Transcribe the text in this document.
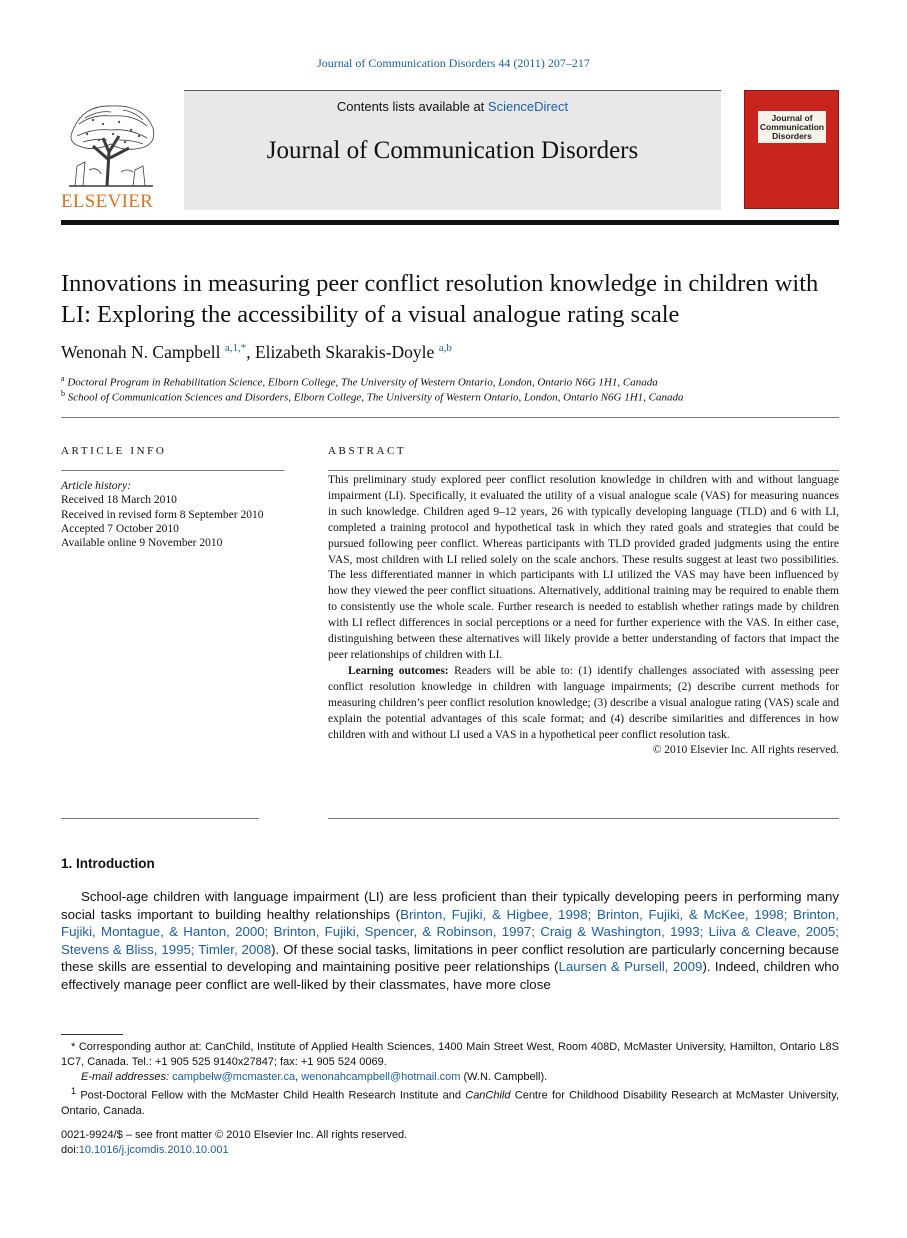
Journal of Communication Disorders 44 (2011) 207–217
ELSEVIER
Contents lists available at ScienceDirect
Journal of Communication Disorders
Journal of Communication Disorders
Innovations in measuring peer conflict resolution knowledge in children with LI: Exploring the accessibility of a visual analogue rating scale
Wenonah N. Campbell $^{a,1,*}$, Elizabeth Skarakis-Doyle $^{a,b}$
$^a$ Doctoral Program in Rehabilitation Science, Elborn College, The University of Western Ontario, London, Ontario N6G 1H1, Canada
$^b$ School of Communication Sciences and Disorders, Elborn College, The University of Western Ontario, London, Ontario N6G 1H1, Canada
ARTICLE INFO
Article history:
Received 18 March 2010
Received in revised form 8 September 2010
Accepted 7 October 2010
Available online 9 November 2010
ABSTRACT

This preliminary study explored peer conflict resolution knowledge in children with and without language impairment (LI). Specifically, it evaluated the utility of a visual analogue scale (VAS) for measuring nuances in such knowledge. Children aged 9–12 years, 26 with typically developing language (TLD) and 6 with LI, completed a training protocol and hypothetical task in which they rated goals and strategies that could be pursued following peer conflict. Whereas participants with TLD provided graded judgments using the entire VAS, most children with LI relied solely on the scale anchors. These results suggest at least two possibilities. The less differentiated manner in which participants with LI utilized the VAS may have been influenced by how they viewed the peer conflict situations. Alternatively, additional training may be required to enable them to consistently use the whole scale. Further research is needed to establish whether ratings made by children with LI reflect differences in social perceptions or a need for further experience with the VAS. In either case, distinguishing between these alternatives will likely provide a better understanding of factors that impact the peer relationships of children with LI.

Learning outcomes: Readers will be able to: (1) identify challenges associated with assessing peer conflict resolution knowledge in children with language impairments; (2) describe current methods for measuring children’s peer conflict resolution knowledge; (3) describe a visual analogue rating (VAS) scale and explain the potential advantages of this scale format; and (4) describe similarities and differences in how children with and without LI used a VAS in a hypothetical peer conflict resolution task.

© 2010 Elsevier Inc. All rights reserved.

1. Introduction
School-age children with language impairment (LI) are less proficient than their typically developing peers in performing many social tasks important to building healthy relationships (Brinton, Fujiki, & Higbee, 1998; Brinton, Fujiki, & McKee, 1998; Brinton, Fujiki, Montague, & Hanton, 2000; Brinton, Fujiki, Spencer, & Robinson, 1997; Craig & Washington, 1993; Liiva & Cleave, 2005; Stevens & Bliss, 1995; Timler, 2008). Of these social tasks, limitations in peer conflict resolution are particularly concerning because these skills are essential to developing and maintaining positive peer relationships (Laursen & Pursell, 2009). Indeed, children who effectively manage peer conflict are well-liked by their classmates, have more close
* Corresponding author at: CanChild, Institute of Applied Health Sciences, 1400 Main Street West, Room 408D, McMaster University, Hamilton, Ontario L8S 1C7, Canada. Tel.: +1 905 525 9140x27847; fax: +1 905 524 0069.
E-mail addresses: campbelw@mcmaster.ca, wenonahcampbell@hotmail.com (W.N. Campbell).
$^1$ Post-Doctoral Fellow with the McMaster Child Health Research Institute and CanChild Centre for Childhood Disability Research at McMaster University, Ontario, Canada.
0021-9924/$ – see front matter © 2010 Elsevier Inc. All rights reserved.
doi:10.1016/j.jcomdis.2010.10.001
